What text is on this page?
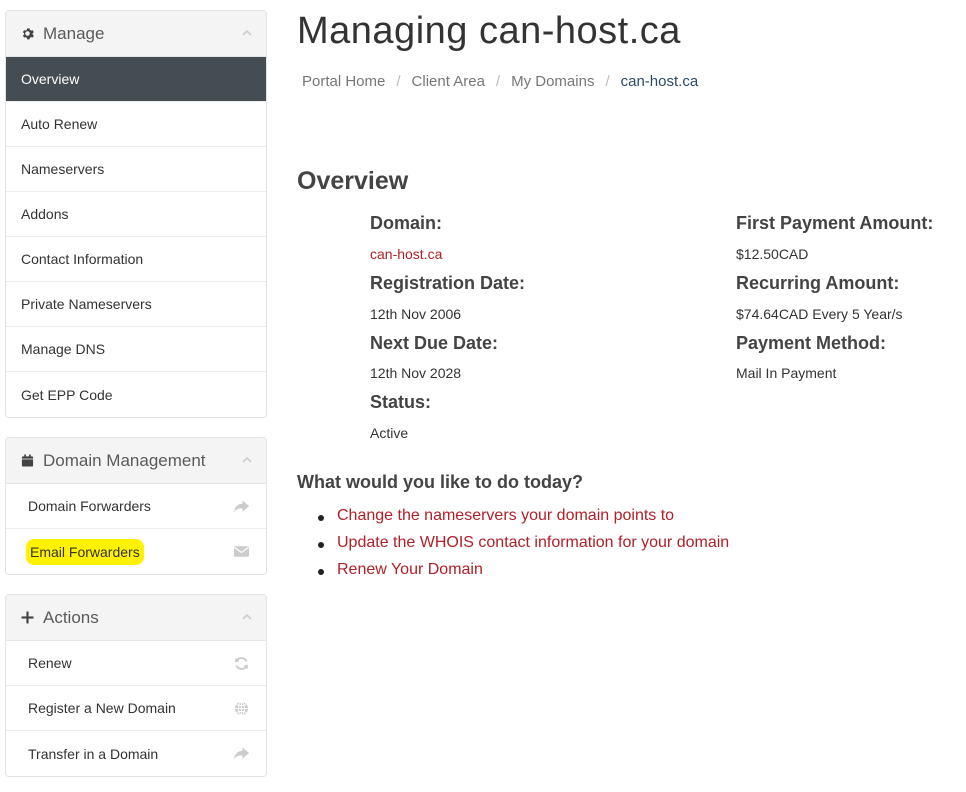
Manage
Overview
Auto Renew
Nameservers
Addons
Contact Information
Private Nameservers
Manage DNS
Get EPP Code
Domain Management
Domain Forwarders
Email Forwarders
Actions
Renew
Register a New Domain
Transfer in a Domain
Managing can-host.ca
Portal Home / Client Area / My Domains / can-host.ca
Overview
Domain:
can-host.ca
Registration Date:
12th Nov 2006
Next Due Date:
12th Nov 2028
Status:
Active
First Payment Amount:
$12.50CAD
Recurring Amount:
$74.64CAD Every 5 Year/s
Payment Method:
Mail In Payment
What would you like to do today?
Change the nameservers your domain points to
Update the WHOIS contact information for your domain
Renew Your Domain
